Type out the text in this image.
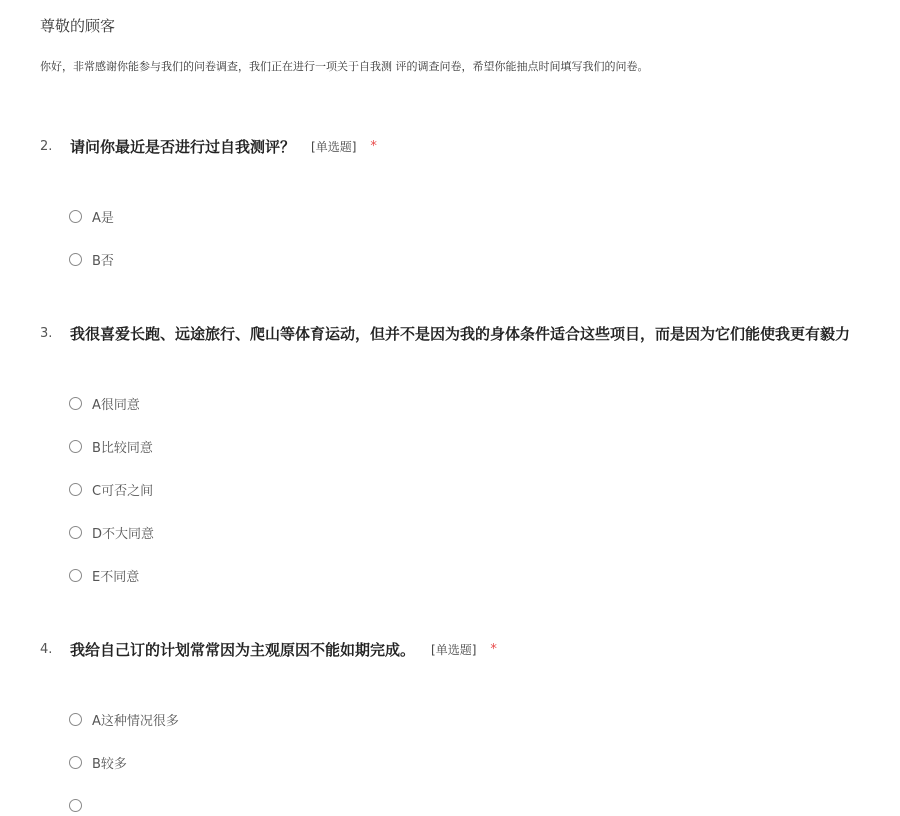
尊敬的顾客
你好，非常感谢你能参与我们的问卷调查，我们正在进行一项关于自我测 评的调查问卷，希望你能抽点时间填写我们的问卷。
2.	请问你最近是否进行过自我测评？ [单选题] *
A是
B否
3.	我很喜爱长跑、远途旅行、爬山等体育运动，但并不是因为我的身体条件适合这些项目，而是因为它们能使我更有毅力
A很同意
B比较同意
C可否之间
D不大同意
E不同意
4.	我给自己订的计划常常因为主观原因不能如期完成。 [单选题] *
A这种情况很多
B较多
